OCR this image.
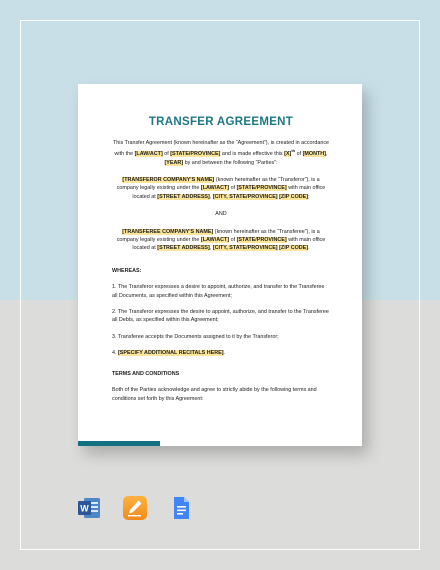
TRANSFER AGREEMENT
This Transfer Agreement (known hereinafter as the “Agreement”), is created in accordance with the [LAW/ACT] of [STATE/PROVINCE] and is made effective this $[X]^{th}$ of [MONTH], [YEAR] by and between the following “Parties”:
[TRANSFEROR COMPANY'S NAME] (known hereinafter as the “Transferor”), is a company legally existing under the [LAW/ACT] of [STATE/PROVINCE] with main office located at [STREET ADDRESS], [CITY, STATE/PROVINCE] [ZIP CODE];
AND
[TRANSFEREE COMPANY'S NAME] (known hereinafter as the “Transferee”), is a company legally existing under the [LAW/ACT] of [STATE/PROVINCE] with main office located at [STREET ADDRESS], [CITY, STATE/PROVINCE] [ZIP CODE].
WHEREAS:
1. The Transferor expresses a desire to appoint, authorize, and transfer to the Transferee all Documents, as specified within this Agreement;
2. The Transferor expresses the desire to appoint, authorize, and transfer to the Transferee all Debts, as specified within this Agreement;
3. Transferee accepts the Documents assigned to it by the Transferor;
4. [SPECIFY ADDITIONAL RECITALS HERE].
TERMS AND CONDITIONS
Both of the Parties acknowledge and agree to strictly abide by the following terms and conditions set forth by this Agreement:
W
